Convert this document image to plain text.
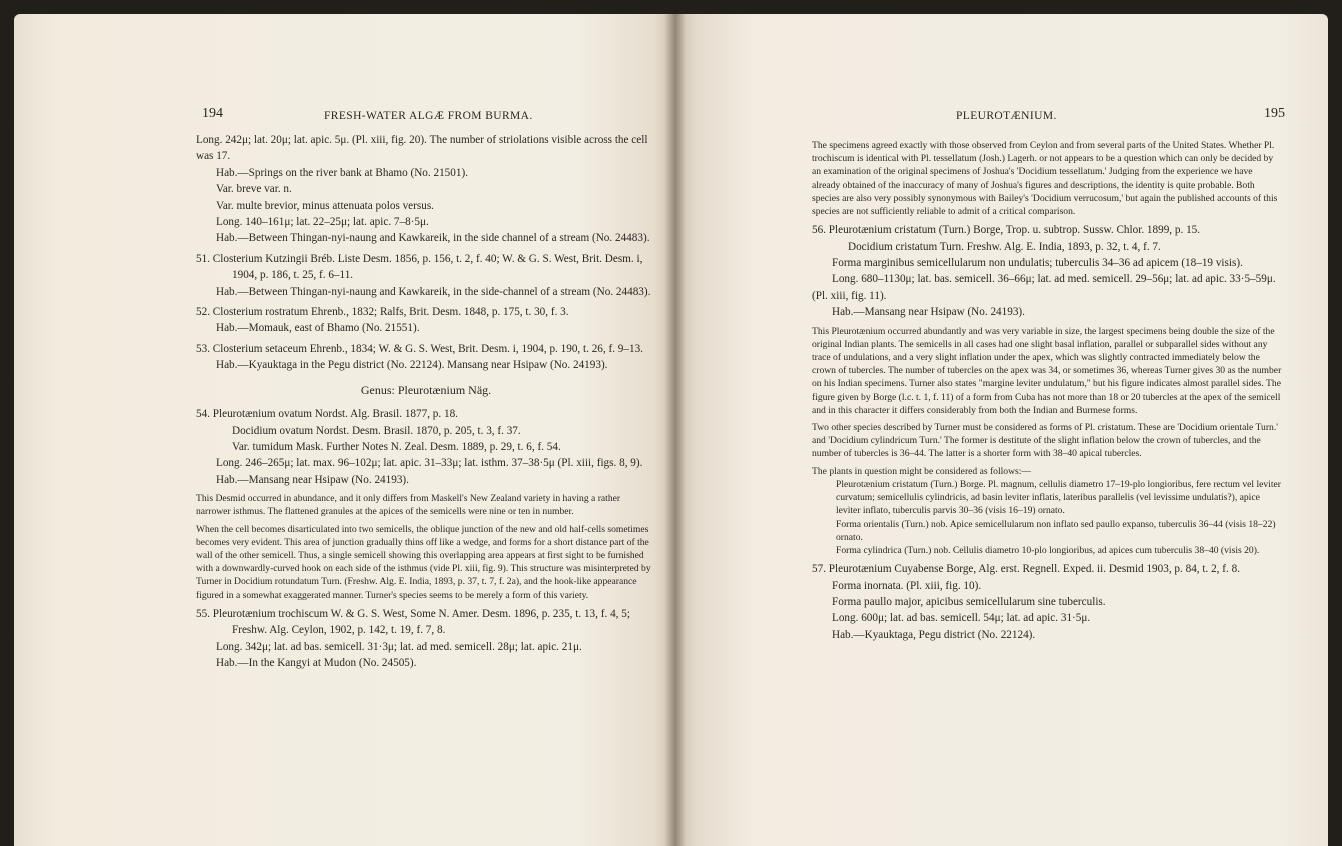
194	FRESH-WATER ALGÆ FROM BURMA.

Long. 242μ; lat. 20μ; lat. apic. 5μ. (Pl. xiii, fig. 20). The number of striolations visible across the cell was 17.

Hab.—Springs on the river bank at Bhamo (No. 21501).

Var. brevе var. n.

Var. multe brevior, minus attenuata polos versus.

Long. 140–161μ; lat. 22–25μ; lat. apic. 7–8·5μ.

Hab.—Between Thingan-nyi-naung and Kawkareik, in the side channel of a stream (No. 24483).

51. Closterium Kutzingii Bréb. Liste Desm. 1856, p. 156, t. 2, f. 40; W. & G. S. West, Brit. Desm. i, 1904, p. 186, t. 25, f. 6–11.

Hab.—Between Thingan-nyi-naung and Kawkareik, in the side-channel of a stream (No. 24483).

52. Closterium rostratum Ehrenb., 1832; Ralfs, Brit. Desm. 1848, p. 175, t. 30, f. 3.

Hab.—Momauk, east of Bhamo (No. 21551).

53. Closterium setaceum Ehrenb., 1834; W. & G. S. West, Brit. Desm. i, 1904, p. 190, t. 26, f. 9–13.

Hab.—Kyauktaga in the Pegu district (No. 22124). Mansang near Hsipaw (No. 24193).

Genus: Pleurotænium Näg.

54. Pleurotænium ovatum Nordst. Alg. Brasil. 1877, p. 18.

Docidium ovatum Nordst. Desm. Brasil. 1870, p. 205, t. 3, f. 37.

Var. tumidum Mask. Further Notes N. Zeal. Desm. 1889, p. 29, t. 6, f. 54.

Long. 246–265μ; lat. max. 96–102μ; lat. apic. 31–33μ; lat. isthm. 37–38·5μ (Pl. xiii, figs. 8, 9).

Hab.—Mansang near Hsipaw (No. 24193).

This Desmid occurred in abundance, and it only differs from Maskell's New Zealand variety in having a rather narrower isthmus. The flattened granules at the apices of the semicells were nine or ten in number.

When the cell becomes disarticulated into two semicells, the oblique junction of the new and old half-cells sometimes becomes very evident. This area of junction gradually thins off like a wedge, and forms for a short distance part of the wall of the other semicell. Thus, a single semicell showing this overlapping area appears at first sight to be furnished with a downwardly-curved hook on each side of the isthmus (vide Pl. xiii, fig. 9). This structure was misinterpreted by Turner in Docidium rotundatum Turn. (Freshw. Alg. E. India, 1893, p. 37, t. 7, f. 2a), and the hook-like appearance figured in a somewhat exaggerated manner. Turner's species seems to be merely a form of this variety.

55. Pleurotænium trochiscum W. & G. S. West, Some N. Amer. Desm. 1896, p. 235, t. 13, f. 4, 5; Freshw. Alg. Ceylon, 1902, p. 142, t. 19, f. 7, 8.

Long. 342μ; lat. ad bas. semicell. 31·3μ; lat. ad med. semicell. 28μ; lat. apic. 21μ.

Hab.—In the Kangyi at Mudon (No. 24505).

PLEUROTÆNIUM.	195

The specimens agreed exactly with those observed from Ceylon and from several parts of the United States. Whether Pl. trochiscum is identical with Pl. tessellatum (Josh.) Lagerh. or not appears to be a question which can only be decided by an examination of the original specimens of Joshua's 'Docidium tessellatum.' Judging from the experience we have already obtained of the inaccuracy of many of Joshua's figures and descriptions, the identity is quite probable. Both species are also very possibly synonymous with Bailey's 'Docidium verrucosum,' but again the published accounts of this species are not sufficiently reliable to admit of a critical comparison.

56. Pleurotænium cristatum (Turn.) Borge, Trop. u. subtrop. Sussw. Chlor. 1899, p. 15.

Docidium cristatum Turn. Freshw. Alg. E. India, 1893, p. 32, t. 4, f. 7.

Forma marginibus semicellularum non undulatis; tuberculis 34–36 ad apicem (18–19 visis).

Long. 680–1130μ; lat. bas. semicell. 36–66μ; lat. ad med. semicell. 29–56μ; lat. ad apic. 33·5–59μ. (Pl. xiii, fig. 11).

Hab.—Mansang near Hsipaw (No. 24193).

This Pleurotænium occurred abundantly and was very variable in size, the largest specimens being double the size of the original Indian plants. The semicells in all cases had one slight basal inflation, parallel or subparallel sides without any trace of undulations, and a very slight inflation under the apex, which was slightly contracted immediately below the crown of tubercles. The number of tubercles on the apex was 34, or sometimes 36, whereas Turner gives 30 as the number on his Indian specimens. Turner also states "margine leviter undulatum," but his figure indicates almost parallel sides. The figure given by Borge (l.c. t. 1, f. 11) of a form from Cuba has not more than 18 or 20 tubercles at the apex of the semicell and in this character it differs considerably from both the Indian and Burmese forms.

Two other species described by Turner must be considered as forms of Pl. cristatum. These are 'Docidium orientale Turn.' and 'Docidium cylindricum Turn.' The former is destitute of the slight inflation below the crown of tubercles, and the number of tubercles is 36–44. The latter is a shorter form with 38–40 apical tubercles.

The plants in question might be considered as follows:—

Pleurotænium cristatum (Turn.) Borge. Pl. magnum, cellulis diametro 17–19-plo longioribus, fere rectum vel leviter curvatum; semicellulis cylindricis, ad basin leviter inflatis, lateribus parallelis (vel levissime undulatis?), apice leviter inflato, tuberculis parvis 30–36 (visis 16–19) ornato.

Forma orientalis (Turn.) nob. Apice semicellularum non inflato sed paullo expanso, tuberculis 36–44 (visis 18–22) ornato.

Forma cylindrica (Turn.) nob. Cellulis diametro 10-plo longioribus, ad apices cum tuberculis 38–40 (visis 20).

57. Pleurotænium Cuyabense Borge, Alg. erst. Regnell. Exped. ii. Desmid 1903, p. 84, t. 2, f. 8.

Forma inornata. (Pl. xiii, fig. 10).

Forma paullo major, apicibus semicellularum sine tuberculis.

Long. 600μ; lat. ad bas. semicell. 54μ; lat. ad apic. 31·5μ.

Hab.—Kyauktaga, Pegu district (No. 22124).
